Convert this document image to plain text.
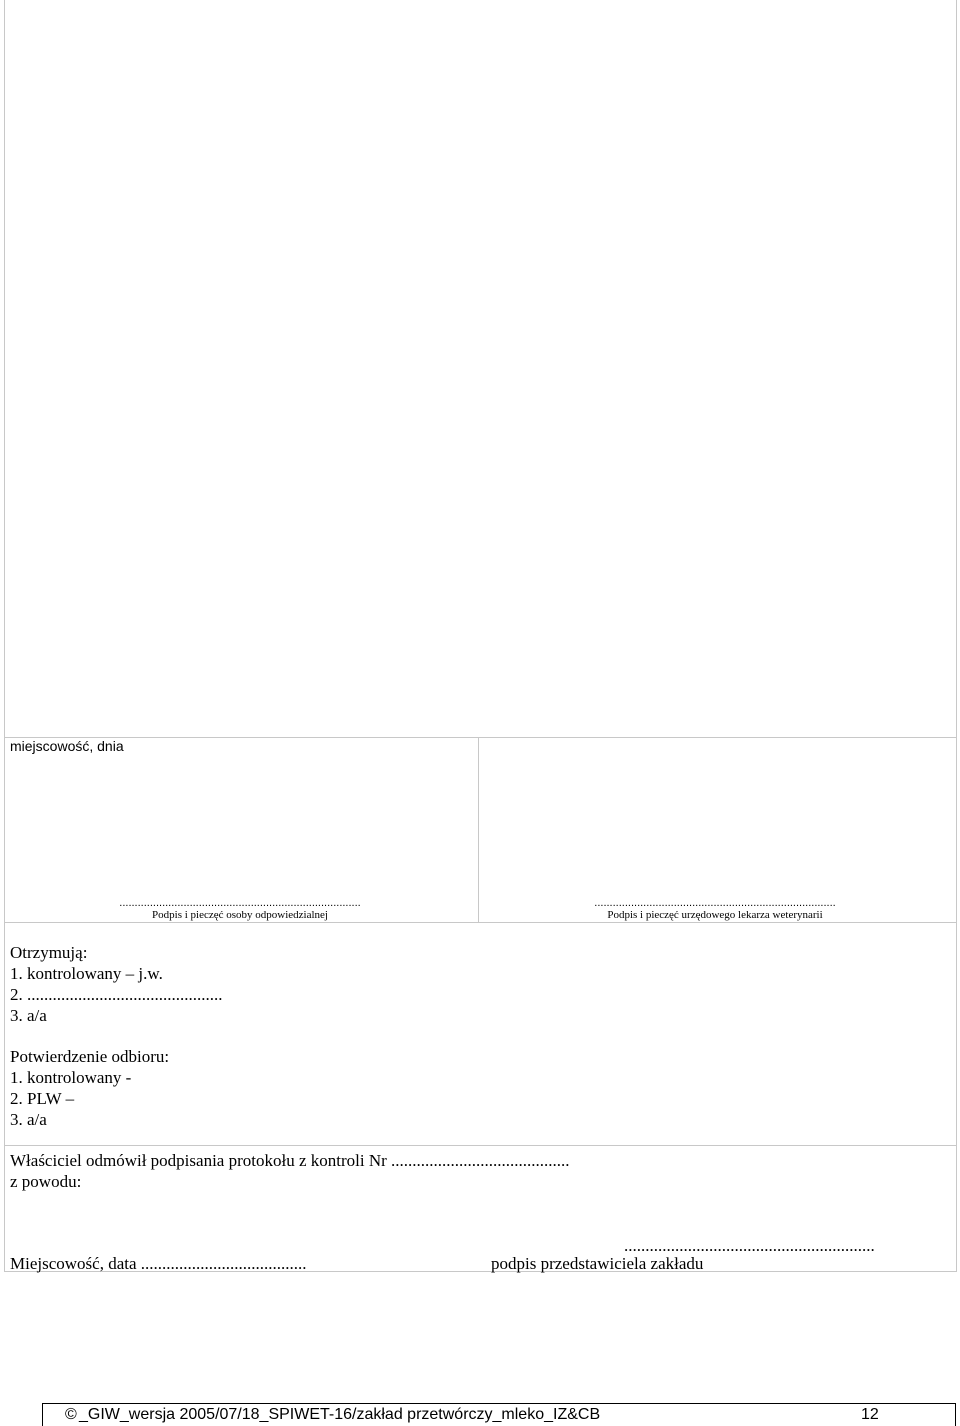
miejscowość, dnia
...............................................................................
Podpis i pieczęć osoby odpowiedzialnej
...............................................................................
Podpis i pieczęć urzędowego lekarza weterynarii
Otrzymują:
1. kontrolowany – j.w.
2. ..............................................
3. a/a
Potwierdzenie odbioru:
1. kontrolowany -
2. PLW –
3. a/a
Właściciel odmówił podpisania protokołu z kontroli Nr ..........................................
z powodu:
Miejscowość, data .......................................
...........................................................
podpis przedstawiciela zakładu
© _GIW_wersja 2005/07/18_SPIWET-16/zakład przetwórczy_mleko_IZ&CB	12
